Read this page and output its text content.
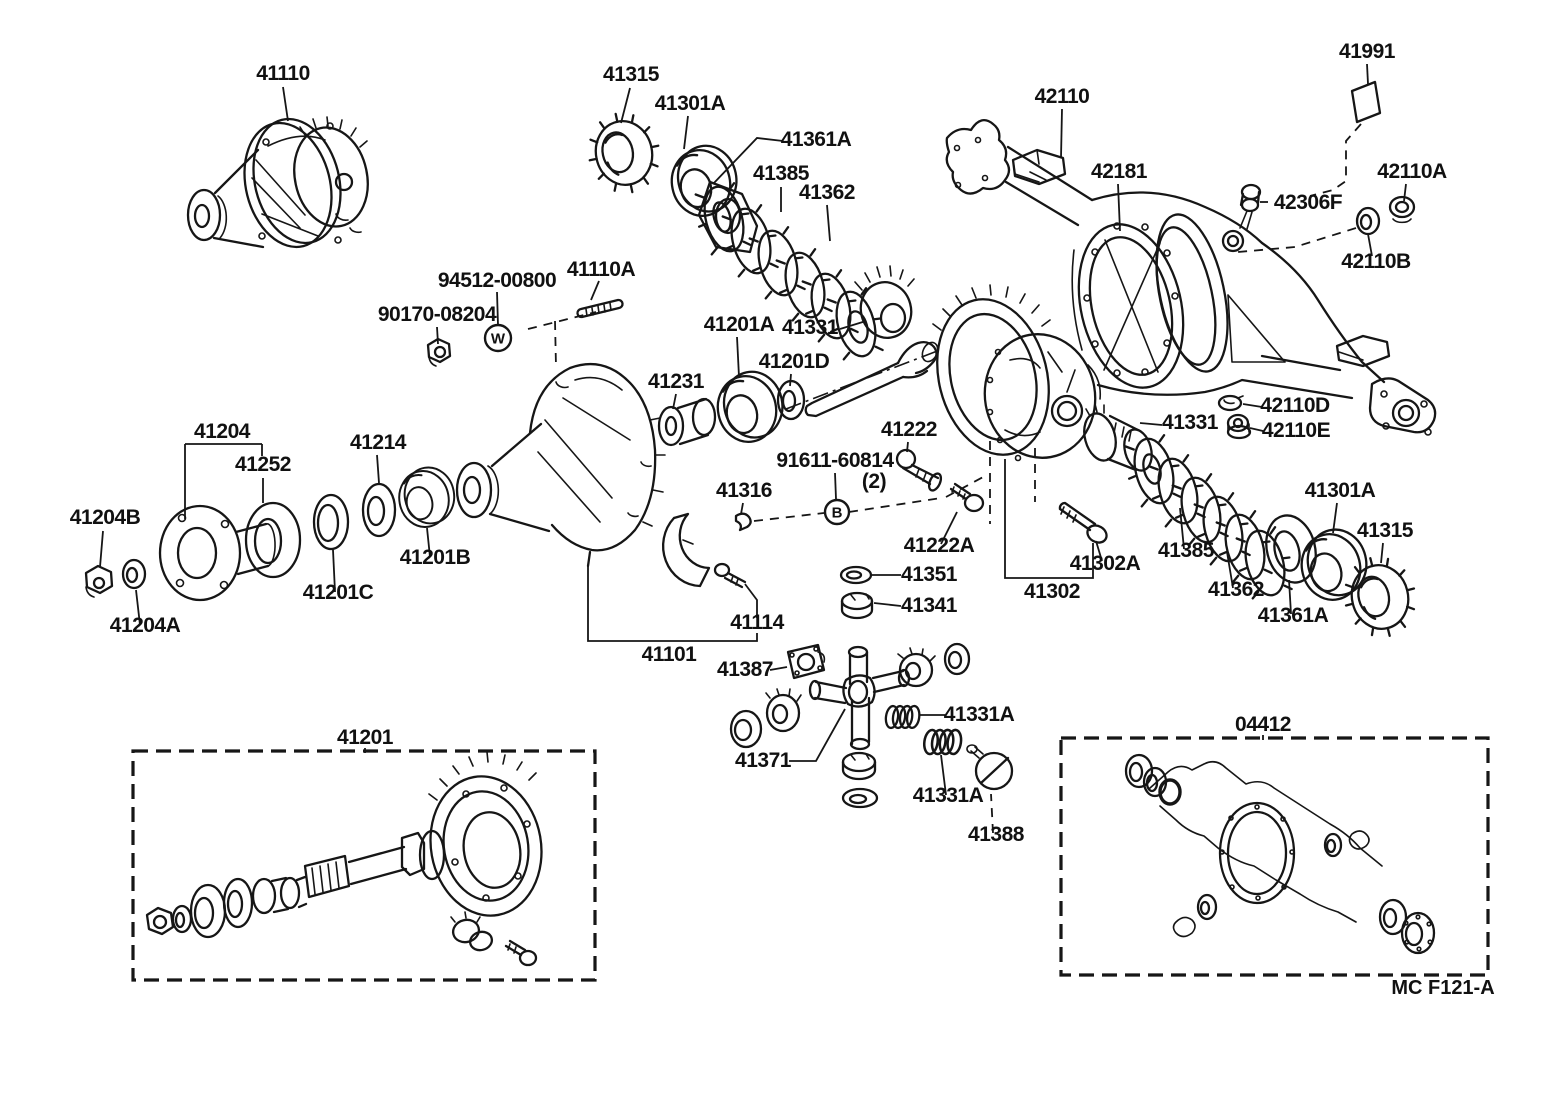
41201
04412
41110	41315
41301A
41361A
41385
41362
41991
42110
42181	42110A
42306F
42110B
94512-00800 41110A
90170-08204	41201A 41331
41201D
41231
41222
91611-60814
(2)
41316
41204	41214
41252
41204B
41201B
41201C
41204A
41331
42110D
42110E
41301A
41315
41222A
41302A
41385
41362
41302
41361A
41351
41341
41114
41101
41387
41371
41331A
41331A
41388
W
B
MC F121-A
